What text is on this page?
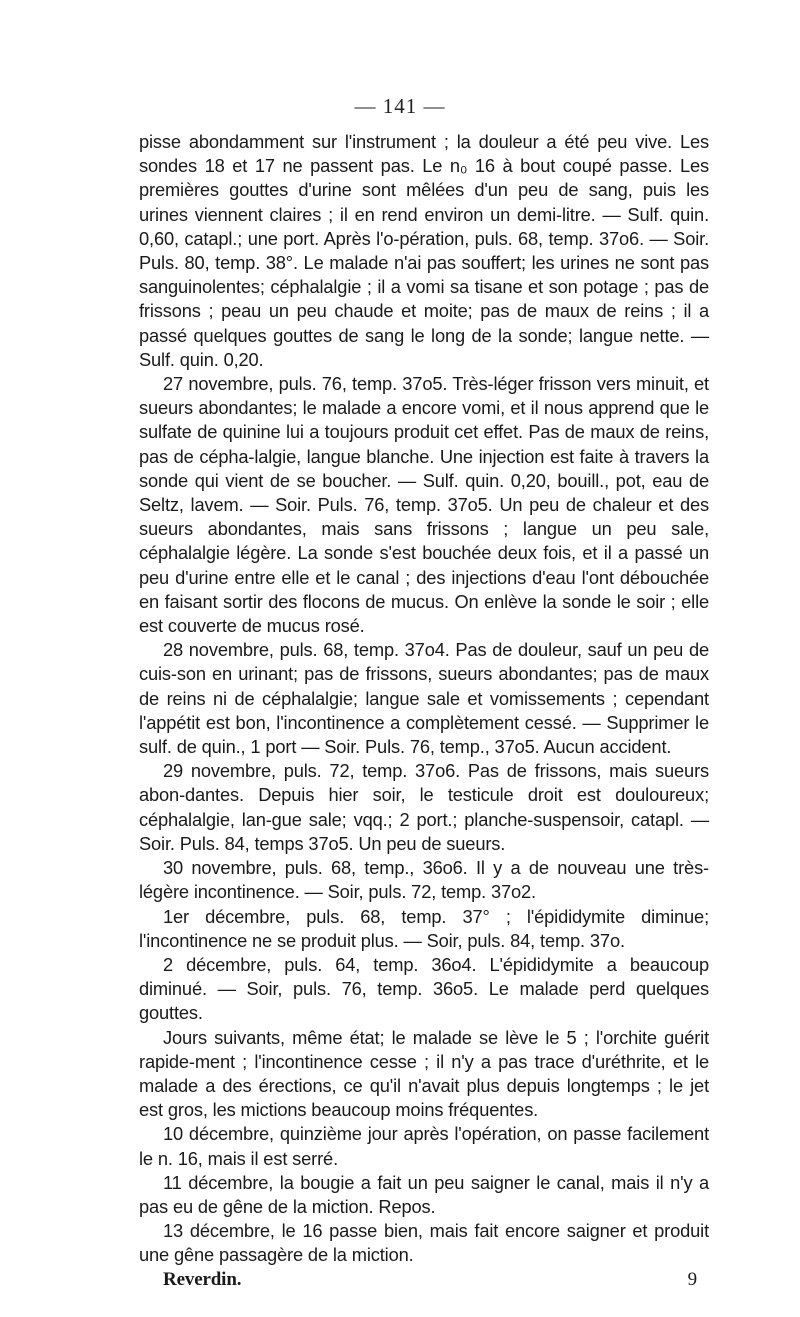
— 141 —

pisse abondamment sur l'instrument ; la douleur a été peu vive. Les sondes 18 et 17 ne passent pas. Le n₀ 16 à bout coupé passe. Les premières gouttes d'urine sont mêlées d'un peu de sang, puis les urines viennent claires ; il en rend environ un demi-litre. — Sulf. quin. 0,60, catapl.; une port. Après l'o-pération, puls. 68, temp. 37o6. — Soir. Puls. 80, temp. 38°. Le malade n'ai pas souffert; les urines ne sont pas sanguinolentes; céphalalgie ; il a vomi sa tisane et son potage ; pas de frissons ; peau un peu chaude et moite; pas de maux de reins ; il a passé quelques gouttes de sang le long de la sonde; langue nette. — Sulf. quin. 0,20.

27 novembre, puls. 76, temp. 37o5. Très-léger frisson vers minuit, et sueurs abondantes; le malade a encore vomi, et il nous apprend que le sulfate de quinine lui a toujours produit cet effet. Pas de maux de reins, pas de cépha-lalgie, langue blanche. Une injection est faite à travers la sonde qui vient de se boucher. — Sulf. quin. 0,20, bouill., pot, eau de Seltz, lavem. — Soir. Puls. 76, temp. 37o5. Un peu de chaleur et des sueurs abondantes, mais sans frissons ; langue un peu sale, céphalalgie légère. La sonde s'est bouchée deux fois, et il a passé un peu d'urine entre elle et le canal ; des injections d'eau l'ont débouchée en faisant sortir des flocons de mucus. On enlève la sonde le soir ; elle est couverte de mucus rosé.

28 novembre, puls. 68, temp. 37o4. Pas de douleur, sauf un peu de cuis-son en urinant; pas de frissons, sueurs abondantes; pas de maux de reins ni de céphalalgie; langue sale et vomissements ; cependant l'appétit est bon, l'incontinence a complètement cessé. — Supprimer le sulf. de quin., 1 port — Soir. Puls. 76, temp., 37o5. Aucun accident.

29 novembre, puls. 72, temp. 37o6. Pas de frissons, mais sueurs abon-dantes. Depuis hier soir, le testicule droit est douloureux; céphalalgie, lan-gue sale; vqq.; 2 port.; planche-suspensoir, catapl. — Soir. Puls. 84, temps 37o5. Un peu de sueurs.

30 novembre, puls. 68, temp., 36o6. Il y a de nouveau une très-légère incontinence. — Soir, puls. 72, temp. 37o2.

1er décembre, puls. 68, temp. 37° ; l'épididymite diminue; l'incontinence ne se produit plus. — Soir, puls. 84, temp. 37o.

2 décembre, puls. 64, temp. 36o4. L'épididymite a beaucoup diminué. — Soir, puls. 76, temp. 36o5. Le malade perd quelques gouttes.

Jours suivants, même état; le malade se lève le 5 ; l'orchite guérit rapide-ment ; l'incontinence cesse ; il n'y a pas trace d'uréthrite, et le malade a des érections, ce qu'il n'avait plus depuis longtemps ; le jet est gros, les mictions beaucoup moins fréquentes.

10 décembre, quinzième jour après l'opération, on passe facilement le n. 16, mais il est serré.

11 décembre, la bougie a fait un peu saigner le canal, mais il n'y a pas eu de gêne de la miction. Repos.

13 décembre, le 16 passe bien, mais fait encore saigner et produit une gêne passagère de la miction.

Reverdin.	9
